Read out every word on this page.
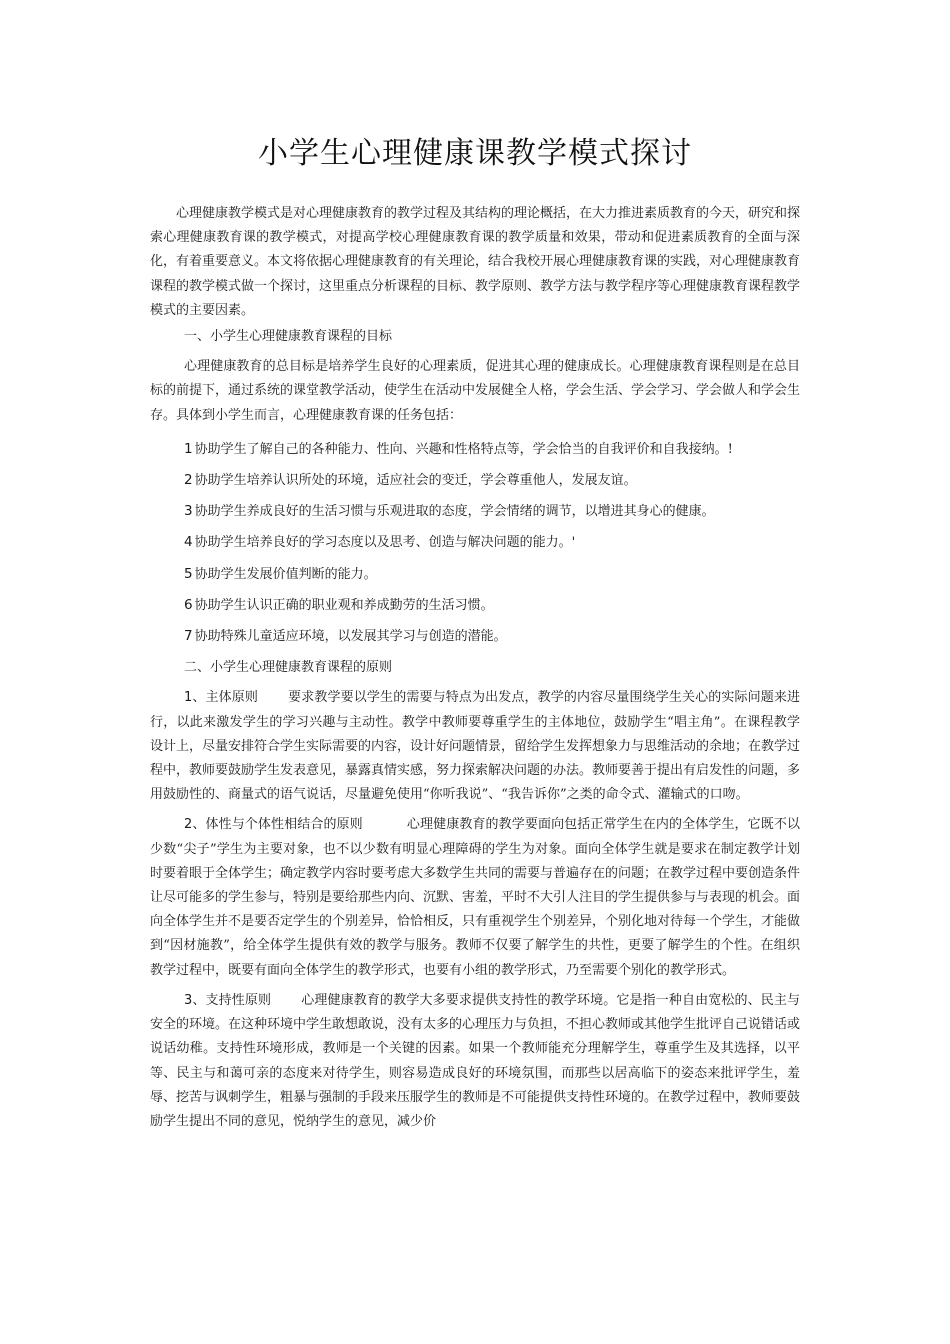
小学生心理健康课教学模式探讨

心理健康教学模式是对心理健康教育的教学过程及其结构的理论概括，在大力推进素质教育的今天，研究和探索心理健康教育课的教学模式，对提高学校心理健康教育课的教学质量和效果，带动和促进素质教育的全面与深化，有着重要意义。本文将依据心理健康教育的有关理论，结合我校开展心理健康教育课的实践，对心理健康教育课程的教学模式做一个探讨，这里重点分析课程的目标、教学原则、教学方法与教学程序等心理健康教育课程教学模式的主要因素。

一、小学生心理健康教育课程的目标

心理健康教育的总目标是培养学生良好的心理素质，促进其心理的健康成长。心理健康教育课程则是在总目标的前提下，通过系统的课堂教学活动，使学生在活动中发展健全人格，学会生活、学会学习、学会做人和学会生存。具体到小学生而言，心理健康教育课的任务包括：

1 协助学生了解自己的各种能力、性向、兴趣和性格特点等，学会恰当的自我评价和自我接纳。!
2 协助学生培养认识所处的环境，适应社会的变迁，学会尊重他人，发展友谊。
3 协助学生养成良好的生活习惯与乐观进取的态度，学会情绪的调节，以增进其身心的健康。
4 协助学生培养良好的学习态度以及思考、创造与解决问题的能力。'
5 协助学生发展价值判断的能力。
6 协助学生认识正确的职业观和养成勤劳的生活习惯。
7 协助特殊儿童适应环境，以发展其学习与创造的潜能。

二、小学生心理健康教育课程的原则

1、主体原则 要求教学要以学生的需要与特点为出发点，教学的内容尽量围绕学生关心的实际问题来进行，以此来激发学生的学习兴趣与主动性。教学中教师要尊重学生的主体地位，鼓励学生“唱主角”。在课程教学设计上，尽量安排符合学生实际需要的内容，设计好问题情景，留给学生发挥想象力与思维活动的余地；在教学过程中，教师要鼓励学生发表意见，暴露真情实感，努力探索解决问题的办法。教师要善于提出有启发性的问题，多用鼓励性的、商量式的语气说话，尽量避免使用“你听我说”、“我告诉你”之类的命令式、灌输式的口吻。

2、体性与个体性相结合的原则	心理健康教育的教学要面向包括正常学生在内的全体学生，它既不以少数“尖子”学生为主要对象，也不以少数有明显心理障碍的学生为对象。面向全体学生就是要求在制定教学计划时要着眼于全体学生；确定教学内容时要考虑大多数学生共同的需要与普遍存在的问题；在教学过程中要创造条件让尽可能多的学生参与，特别是要给那些内向、沉默、害羞，平时不大引人注目的学生提供参与与表现的机会。面向全体学生并不是要否定学生的个别差异，恰恰相反，只有重视学生个别差异，个别化地对待每一个学生，才能做到“因材施教”，给全体学生提供有效的教学与服务。教师不仅要了解学生的共性，更要了解学生的个性。在组织教学过程中，既要有面向全体学生的教学形式，也要有小组的教学形式，乃至需要个别化的教学形式。

3、支持性原则 心理健康教育的教学大多要求提供支持性的教学环境。它是指一种自由宽松的、民主与安全的环境。在这种环境中学生敢想敢说，没有太多的心理压力与负担，不担心教师或其他学生批评自己说错话或说话幼稚。支持性环境形成，教师是一个关键的因素。如果一个教师能充分理解学生，尊重学生及其选择，以平等、民主与和蔼可亲的态度来对待学生，则容易造成良好的环境氛围，而那些以居高临下的姿态来批评学生，羞辱、挖苦与讽刺学生，粗暴与强制的手段来压服学生的教师是不可能提供支持性环境的。在教学过程中，教师要鼓励学生提出不同的意见，悦纳学生的意见，减少价
